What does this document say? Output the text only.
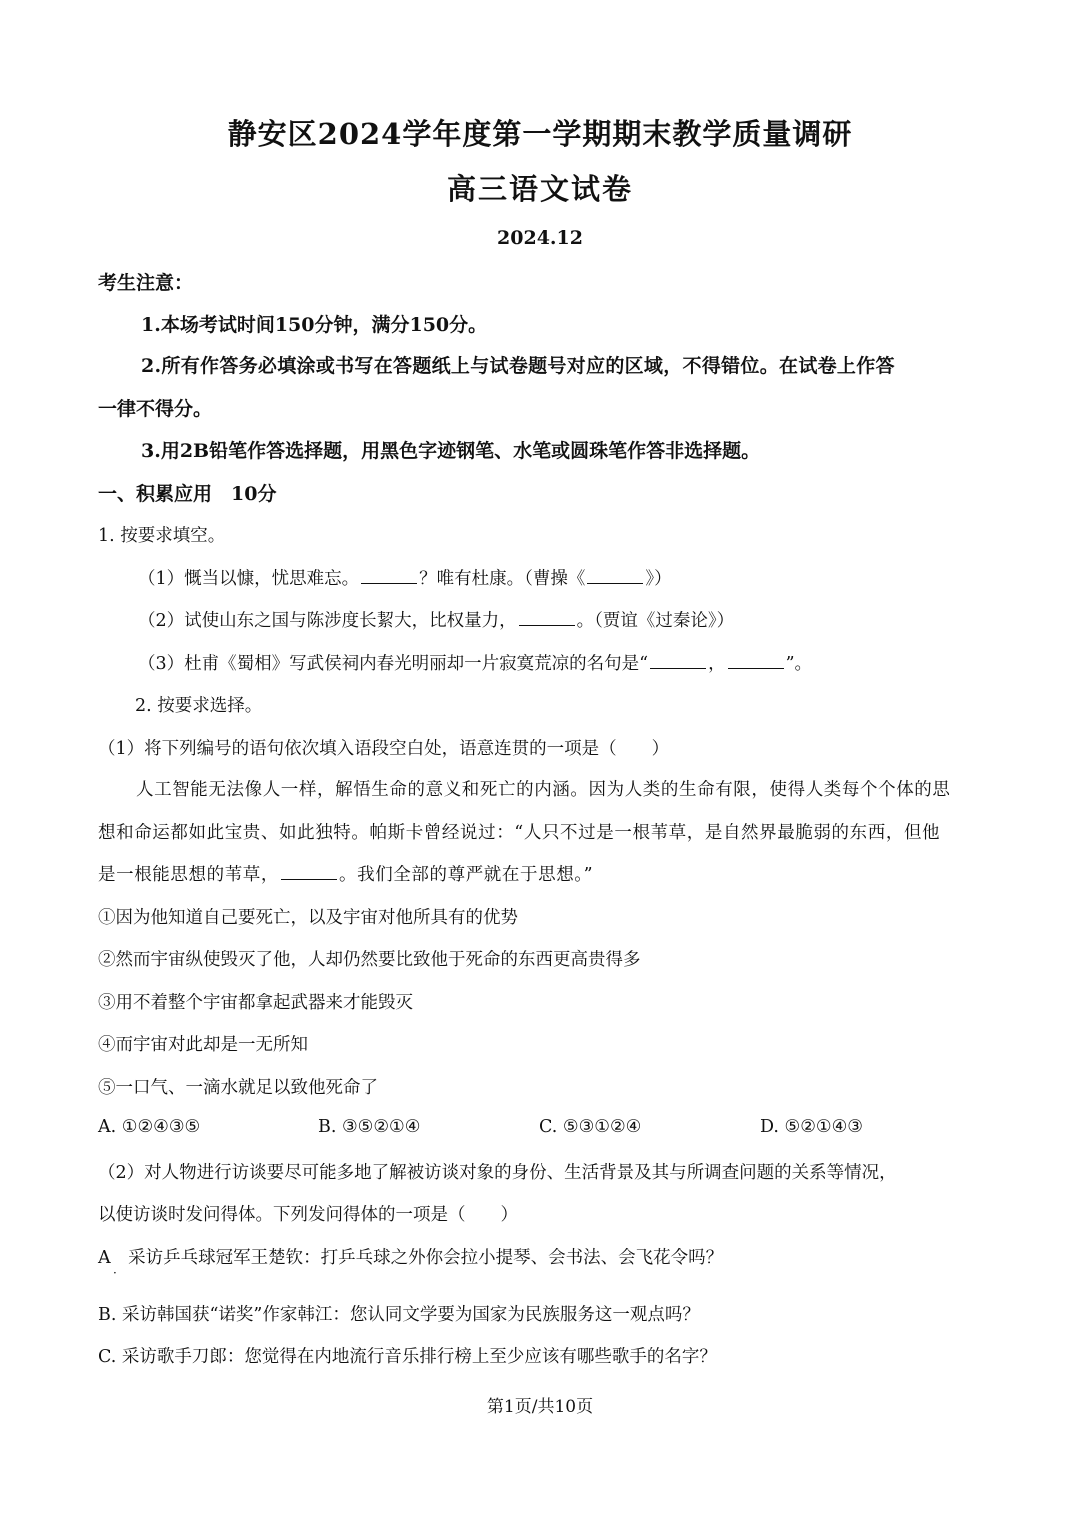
静安区2024学年度第一学期期末教学质量调研
高三语文试卷
2024.12
考生注意：
1.本场考试时间150分钟，满分150分。
2.所有作答务必填涂或书写在答题纸上与试卷题号对应的区域，不得错位。在试卷上作答
一律不得分。
3.用2B铅笔作答选择题，用黑色字迹钢笔、水笔或圆珠笔作答非选择题。
一、积累应用　10分
1. 按要求填空。
（1）慨当以慷，忧思难忘。	？唯有杜康。（曹操《	》）
（2）试使山东之国与陈涉度长絜大，比权量力，	。（贾谊《过秦论》）
（3）杜甫《蜀相》写武侯祠内春光明丽却一片寂寞荒凉的名句是“	，	”。
2. 按要求选择。
（1）将下列编号的语句依次填入语段空白处，语意连贯的一项是（　　）
人工智能无法像人一样，解悟生命的意义和死亡的内涵。因为人类的生命有限，使得人类每个个体的思
想和命运都如此宝贵、如此独特。帕斯卡曾经说过：“人只不过是一根苇草，是自然界最脆弱的东西，但他
是一根能思想的苇草，	。我们全部的尊严就在于思想。”
①因为他知道自己要死亡，以及宇宙对他所具有的优势
②然而宇宙纵使毁灭了他，人却仍然要比致他于死命的东西更高贵得多
③用不着整个宇宙都拿起武器来才能毁灭
④而宇宙对此却是一无所知
⑤一口气、一滴水就足以致他死命了
A. ①②④③⑤	B. ③⑤②①④	C. ⑤③①②④	D. ⑤②①④③
（2）对人物进行访谈要尽可能多地了解被访谈对象的身份、生活背景及其与所调查问题的关系等情况，
以使访谈时发问得体。下列发问得体的一项是（　　）
A　采访乒乓球冠军王楚钦：打乒乓球之外你会拉小提琴、会书法、会飞花令吗？
·
B. 采访韩国获“诺奖”作家韩江：您认同文学要为国家为民族服务这一观点吗？
C. 采访歌手刀郎：您觉得在内地流行音乐排行榜上至少应该有哪些歌手的名字？
第1页/共10页
